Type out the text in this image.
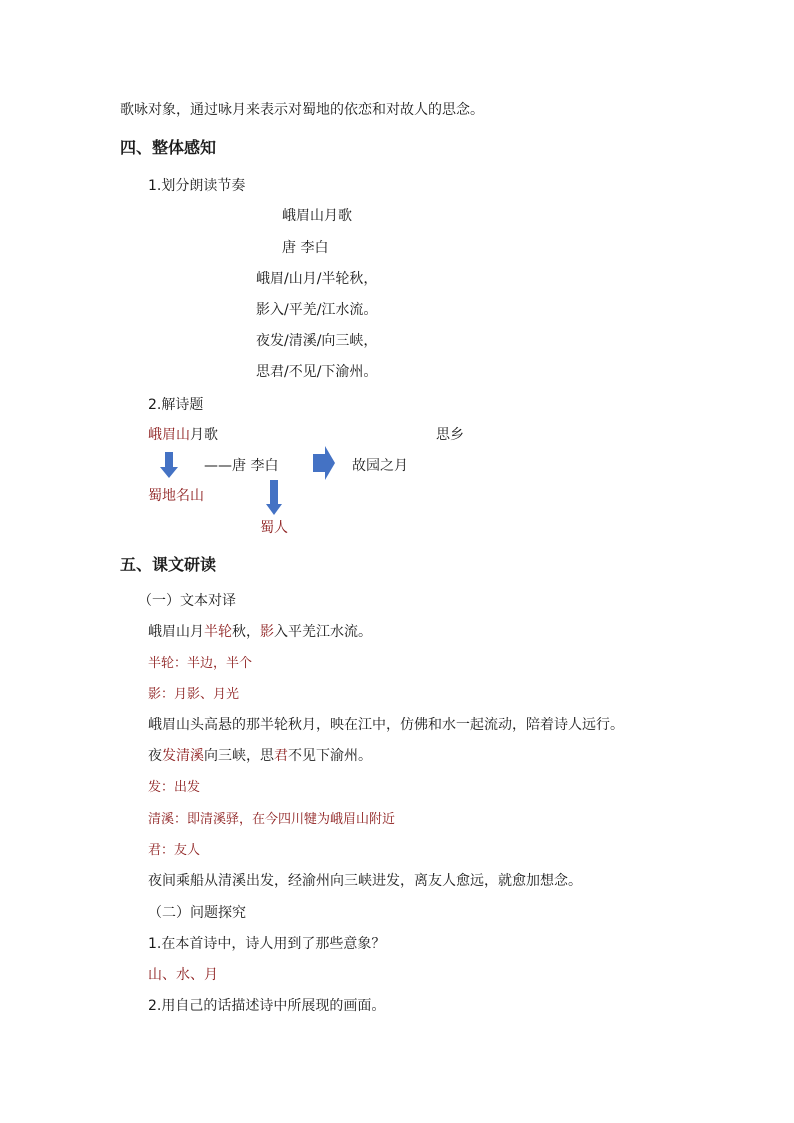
歌咏对象，通过咏月来表示对蜀地的依恋和对故人的思念。
四、整体感知
1.划分朗读节奏
峨眉山月歌
唐 李白
峨眉/山月/半轮秋，
影入/平羌/江水流。
夜发/清溪/向三峡，
思君/不见/下渝州。
2.解诗题
峨眉山月歌	思乡
——唐 李白	故园之月
蜀地名山
蜀人
五、课文研读
（一）文本对译
峨眉山月半轮秋，影入平羌江水流。
半轮：半边，半个
影：月影、月光
峨眉山头高悬的那半轮秋月，映在江中，仿佛和水一起流动，陪着诗人远行。
夜发清溪向三峡，思君不见下渝州。
发：出发
清溪：即清溪驿，在今四川犍为峨眉山附近
君：友人
夜间乘船从清溪出发，经渝州向三峡进发，离友人愈远，就愈加想念。
（二）问题探究
1.在本首诗中，诗人用到了那些意象？
山、水、月
2.用自己的话描述诗中所展现的画面。
